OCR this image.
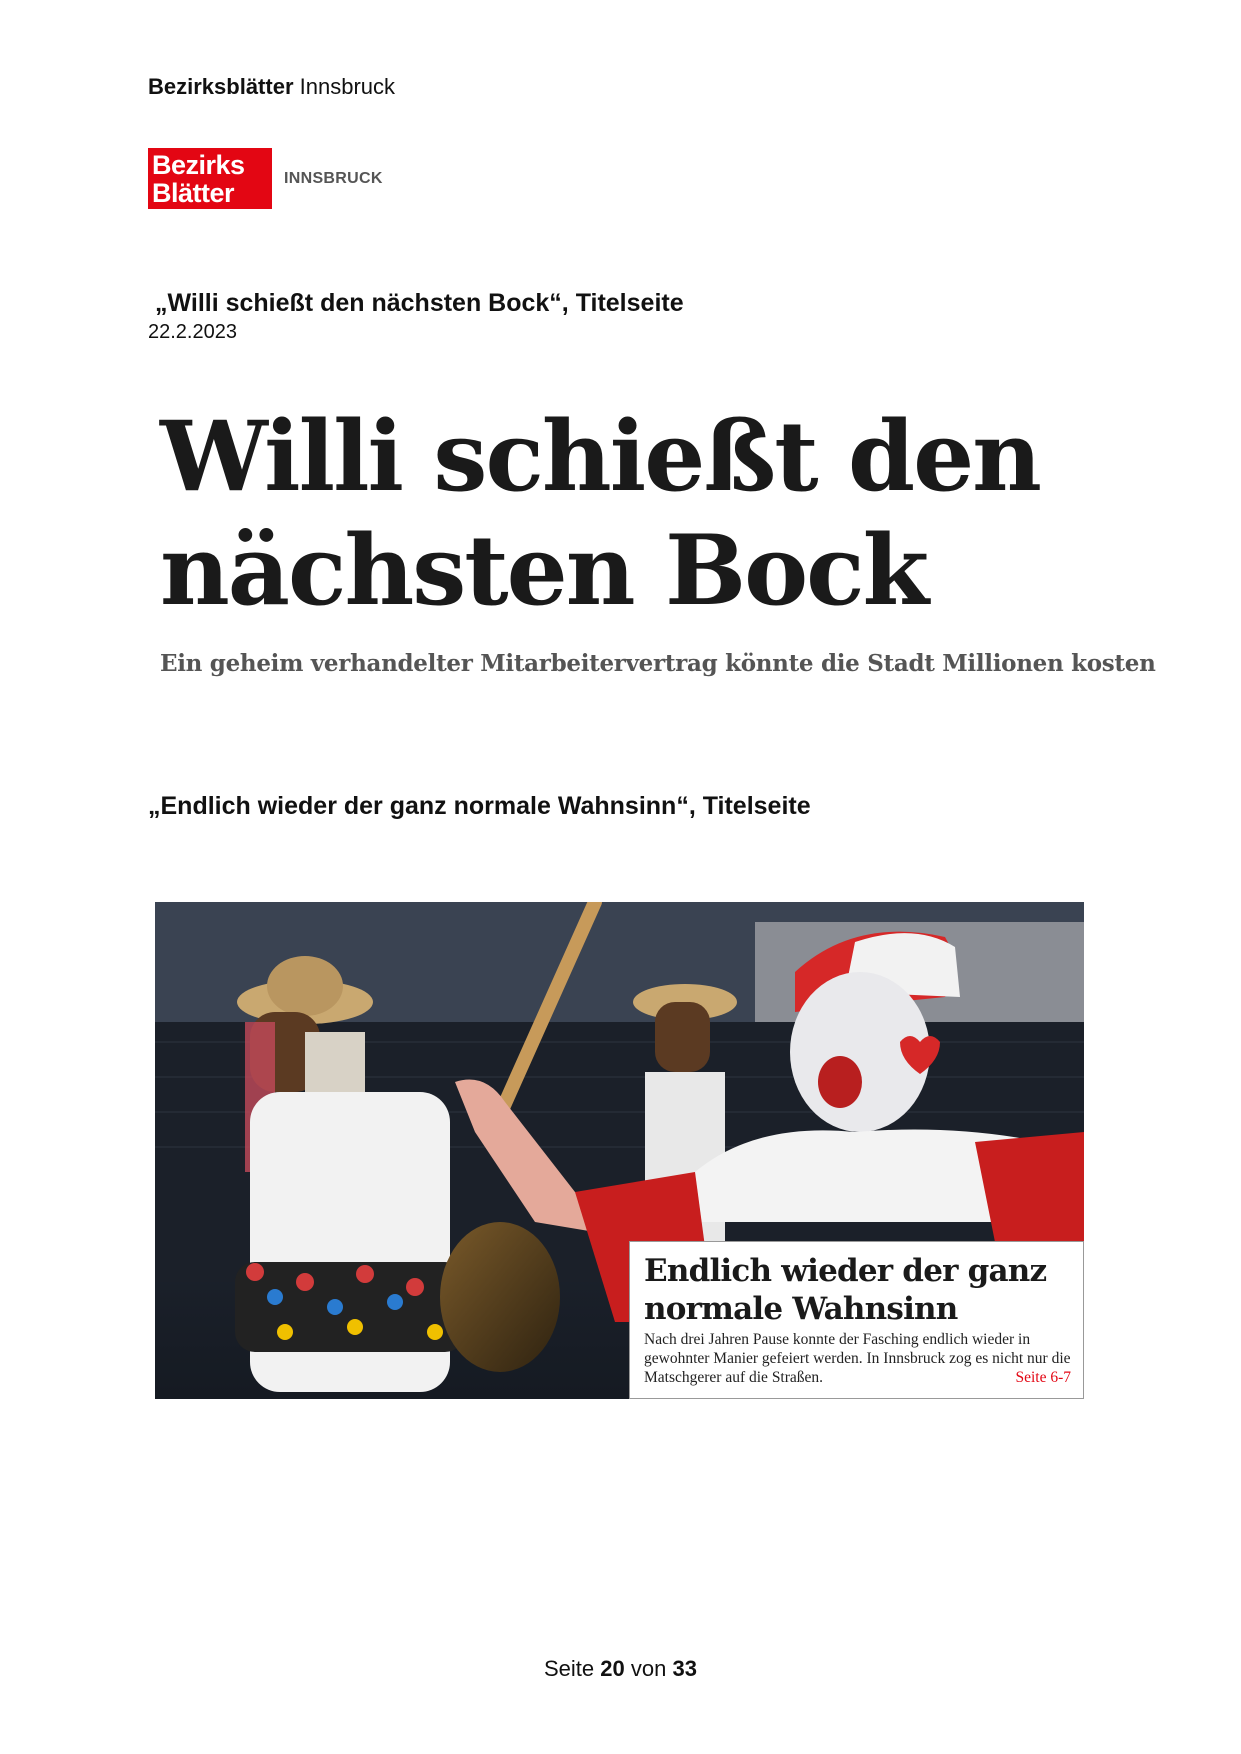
Bezirksblätter Innsbruck
Bezirks
Blätter	INNSBRUCK
„Willi schießt den nächsten Bock“, Titelseite
22.2.2023
Willi schießt den
nächsten Bock
Ein geheim verhandelter Mitarbeitervertrag könnte die Stadt Millionen kosten
„Endlich wieder der ganz normale Wahnsinn“, Titelseite
Endlich wieder der ganz
normale Wahnsinn
Nach drei Jahren Pause konnte der Fasching endlich wieder in gewohnter Manier gefeiert werden. In Innsbruck zog es nicht nur die Matschgerer auf die Straßen.	Seite 6-7
Seite 20 von 33
